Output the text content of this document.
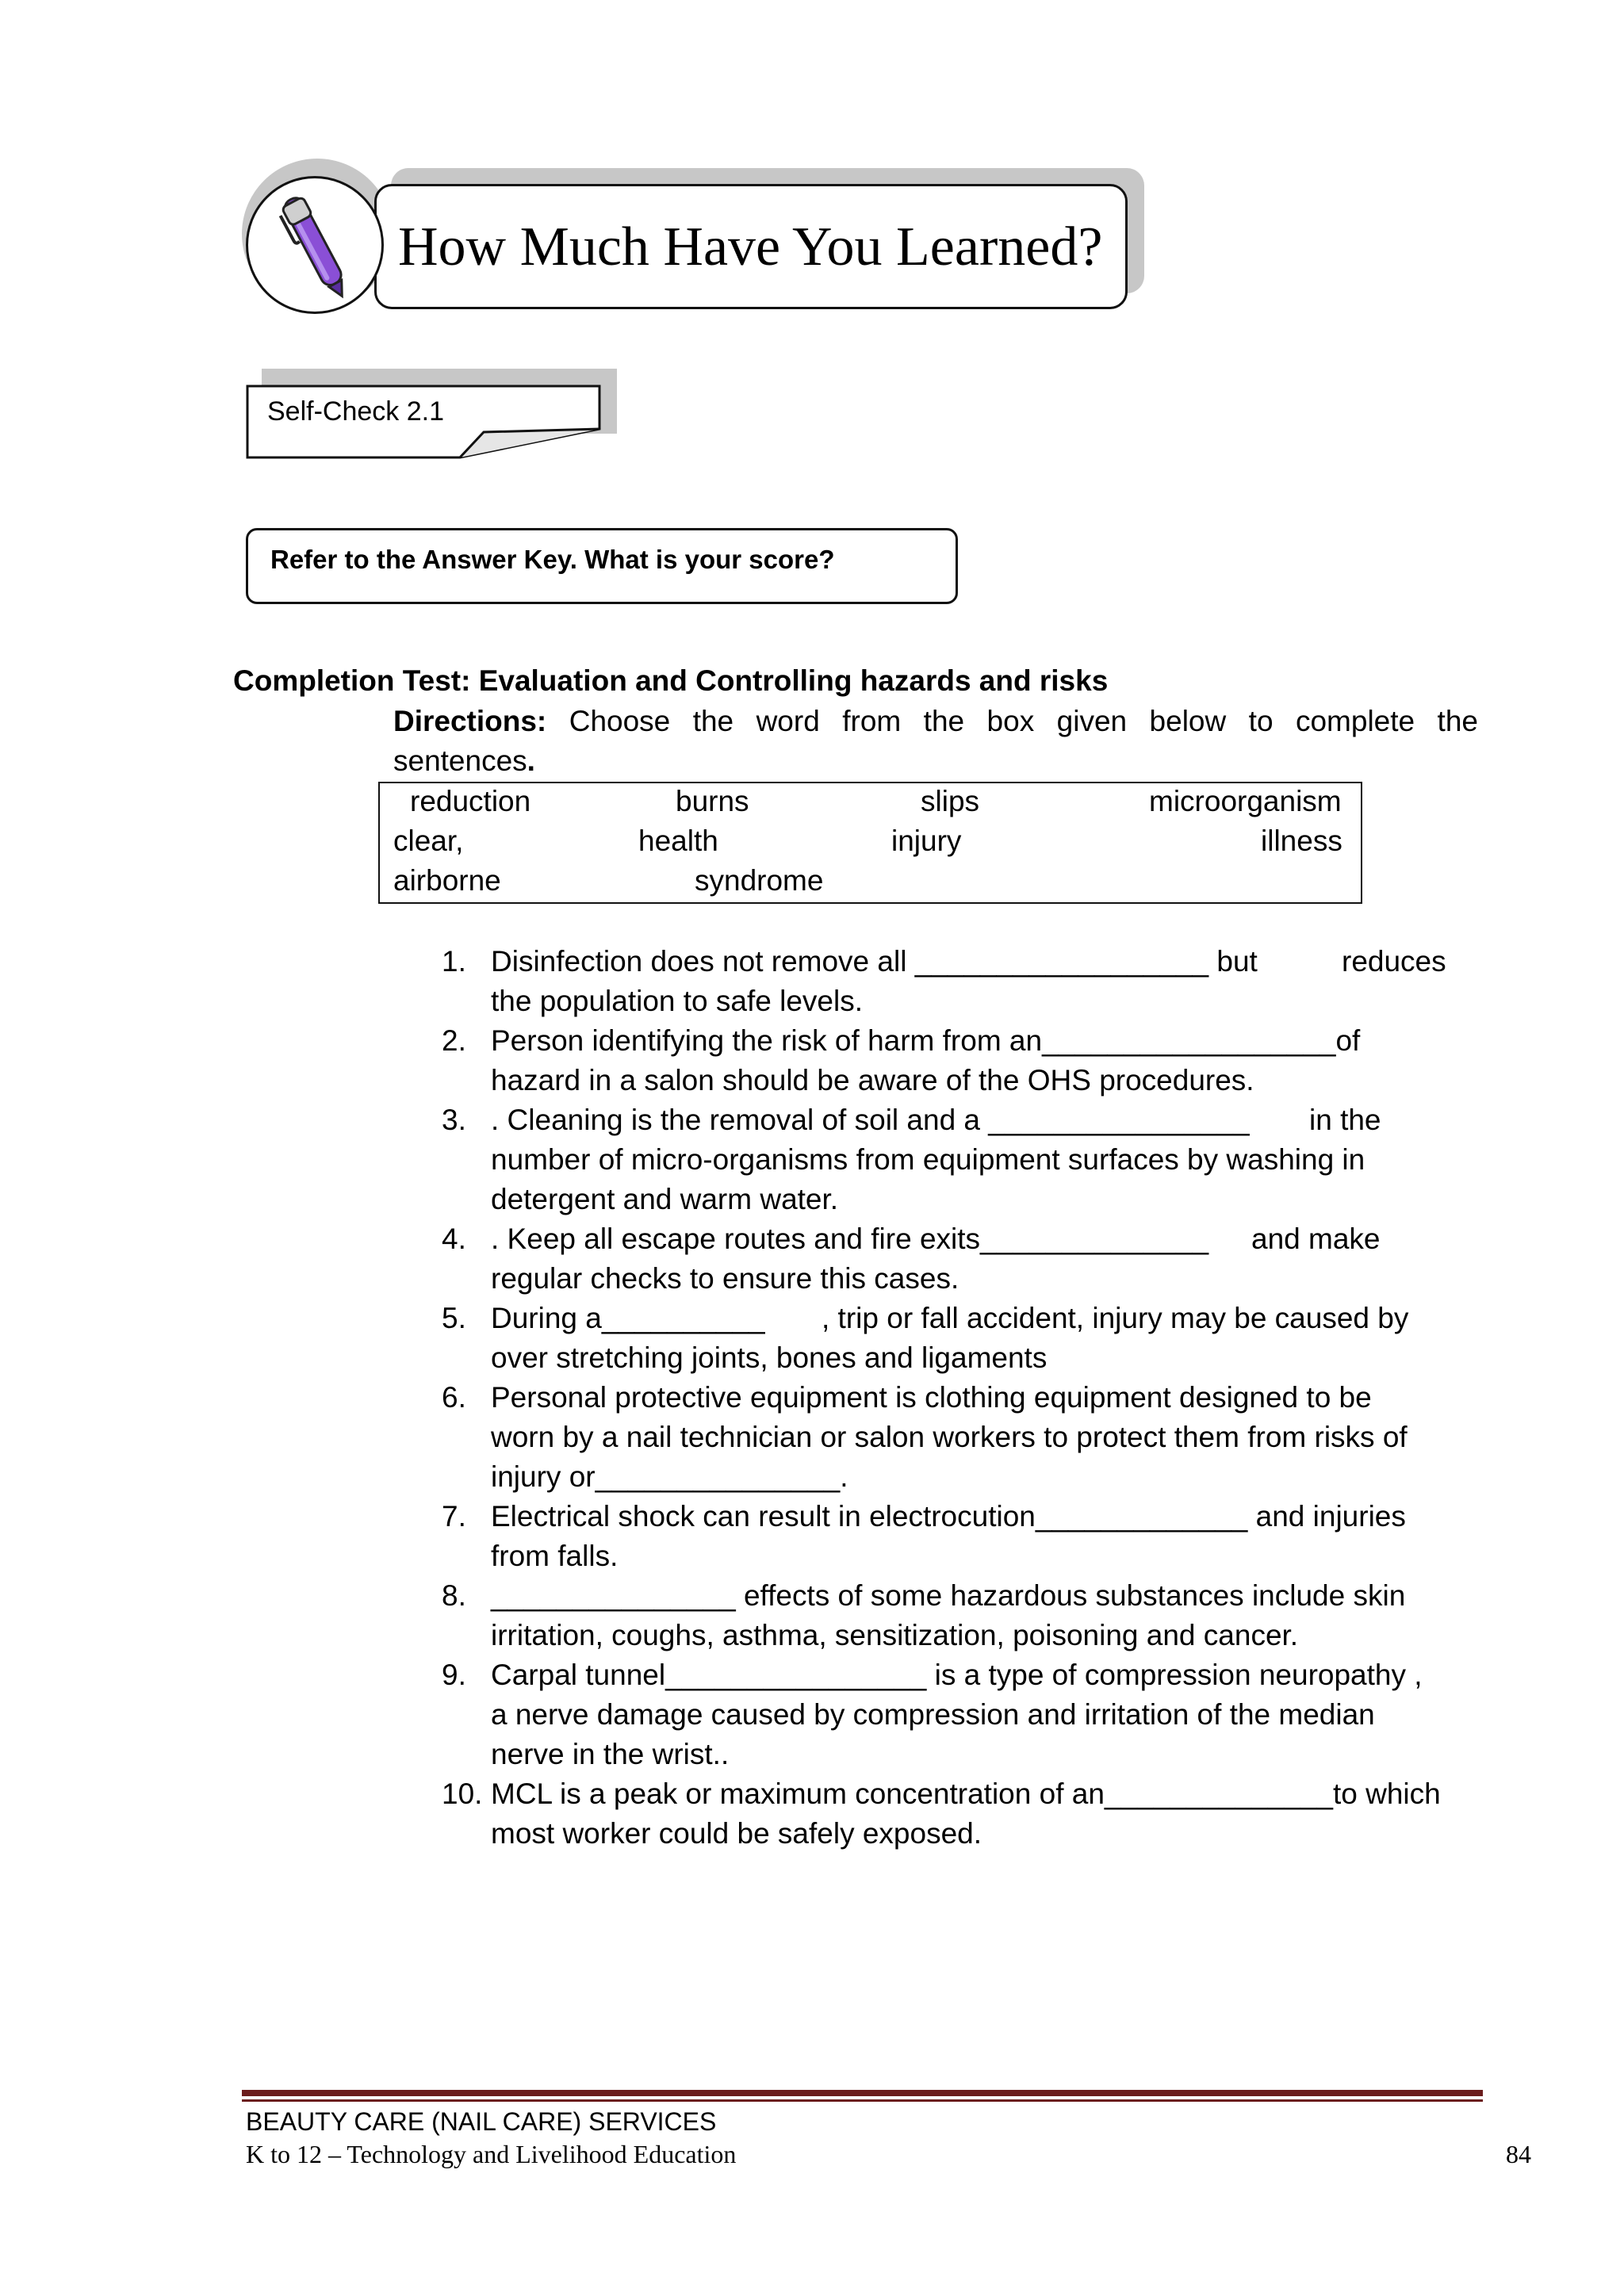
How Much Have You Learned?
Self-Check 2.1
Refer to the Answer Key. What is your score?
Completion Test: Evaluation and Controlling hazards and risks
Directions: Choose the word from the box given below to complete the
sentences.
reduction	burns	slips	microorganism
clear,	health	injury	illness
airborne	syndrome
1. Disinfection does not remove all __________________ but	reduces
the population to safe levels.
2. Person identifying the risk of harm from an__________________of
hazard in a salon should be aware of the OHS procedures.
3. . Cleaning is the removal of soil and a ________________ in the
number of micro-organisms from equipment surfaces by washing in
detergent and warm water.
4. . Keep all escape routes and fire exits______________ and make
regular checks to ensure this cases.
5. During a__________ , trip or fall accident, injury may be caused by
over stretching joints, bones and ligaments
6. Personal protective equipment is clothing equipment designed to be
worn by a nail technician or salon workers to protect them from risks of
injury or_______________.
7. Electrical shock can result in electrocution_____________ and injuries
from falls.
8. _______________ effects of some hazardous substances include skin
irritation, coughs, asthma, sensitization, poisoning and cancer.
9. Carpal tunnel________________ is a type of compression neuropathy ,
a nerve damage caused by compression and irritation of the median
nerve in the wrist..
10. MCL is a peak or maximum concentration of an______________to which
most worker could be safely exposed.
BEAUTY CARE (NAIL CARE) SERVICES
K to 12 – Technology and Livelihood Education	84
